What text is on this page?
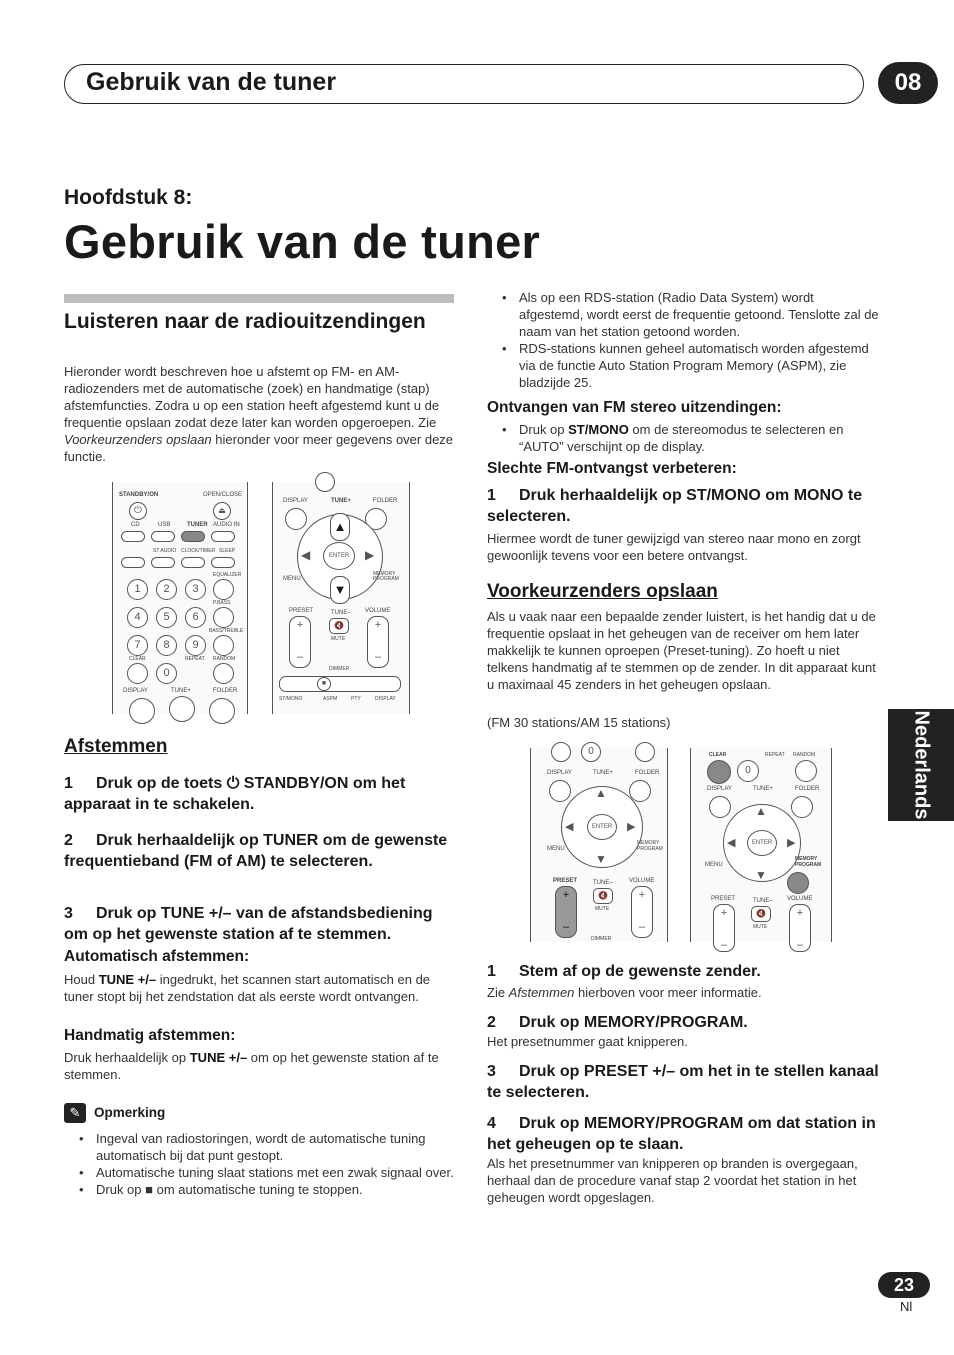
Gebruik van de tuner	08
Hoofdstuk 8:
Gebruik van de tuner
Luisteren naar de radiouitzendingen
Hieronder wordt beschreven hoe u afstemt op FM- en AM-radiozenders met de automatische (zoek) en handmatige (stap) afstemfuncties. Zodra u op een station heeft afgestemd kunt u de frequentie opslaan zodat deze later kan worden opgeroepen. Zie Voorkeurzenders opslaan hieronder voor meer gegevens over deze functie.
STANDBY/ON	OPEN/CLOSE
⏻	⏏
CD	USB	TUNER AUDIO IN
ST AUDIO CLOCK/TIMER SLEEP
EQUALIZER
1	2	3
P.BASS
4	5	6
BASS/TREBLE
7	8	9
CLEAR	REPEAT RANDOM
0
DISPLAY	TUNE+	FOLDER
DISPLAY	TUNE+	FOLDER
ENTER
▲
▼
◀	▶
MENU
MEMORY PROGRAM
PRESET	TUNE– VOLUME
+

–
+

–
🔇
MUTE
DIMMER
■
ST/MONO	ASPM	PTY	DISPLAY
Afstemmen
1 Druk op de toets ⏻ STANDBY/ON om het apparaat in te schakelen.
2 Druk herhaaldelijk op TUNER om de gewenste frequentieband (FM of AM) te selecteren.
3 Druk op TUNE +/– van de afstandsbediening om op het gewenste station af te stemmen.
Automatisch afstemmen:
Houd TUNE +/– ingedrukt, het scannen start automatisch en de tuner stopt bij het zendstation dat als eerste wordt ontvangen.
Handmatig afstemmen:
Druk herhaaldelijk op TUNE +/– om op het gewenste station af te stemmen.
✎	Opmerking
• Ingeval van radiostoringen, wordt de automatische tuning automatisch bij dat punt gestopt.
• Automatische tuning slaat stations met een zwak signaal over.
• Druk op ■ om automatische tuning te stoppen.
• Als op een RDS-station (Radio Data System) wordt afgestemd, wordt eerst de frequentie getoond. Tenslotte zal de naam van het station getoond worden.
• RDS-stations kunnen geheel automatisch worden afgestemd via de functie Auto Station Program Memory (ASPM), zie bladzijde 25.
Ontvangen van FM stereo uitzendingen:
• Druk op ST/MONO om de stereomodus te selecteren en “AUTO” verschijnt op de display.
Slechte FM-ontvangst verbeteren:
1 Druk herhaaldelijk op ST/MONO om MONO te selecteren.
Hiermee wordt de tuner gewijzigd van stereo naar mono en zorgt gewoonlijk tevens voor een betere ontvangst.
Voorkeurzenders opslaan
Als u vaak naar een bepaalde zender luistert, is het handig dat u de frequentie opslaat in het geheugen van de receiver om hem later makkelijk te kunnen oproepen (Preset-tuning). Zo hoeft u niet telkens handmatig af te stemmen op de zender. In dit apparaat kunt u maximaal 45 zenders in het geheugen opslaan.
(FM 30 stations/AM 15 stations)
0
DISPLAY	TUNE+	FOLDER
ENTER
▲
▼
◀	▶
MENU
MEMORY PROGRAM
PRESET	TUNE–	VOLUME
+

–
+

–
🔇
MUTE
DIMMER
CLEAR	REPEAT RANDOM
0
DISPLAY	TUNE+	FOLDER
ENTER
▲
▼
◀	▶
MENU
MEMORY PROGRAM
PRESET	TUNE– VOLUME
+

–
+

–
🔇
MUTE
1 Stem af op de gewenste zender.
Zie Afstemmen hierboven voor meer informatie.
2 Druk op MEMORY/PROGRAM.
Het presetnummer gaat knipperen.
3 Druk op PRESET +/– om het in te stellen kanaal te selecteren.
4 Druk op MEMORY/PROGRAM om dat station in het geheugen op te slaan.
Als het presetnummer van knipperen op branden is overgegaan, herhaal dan de procedure vanaf stap 2 voordat het station in het geheugen wordt opgeslagen.
Nederlands
23
Nl
